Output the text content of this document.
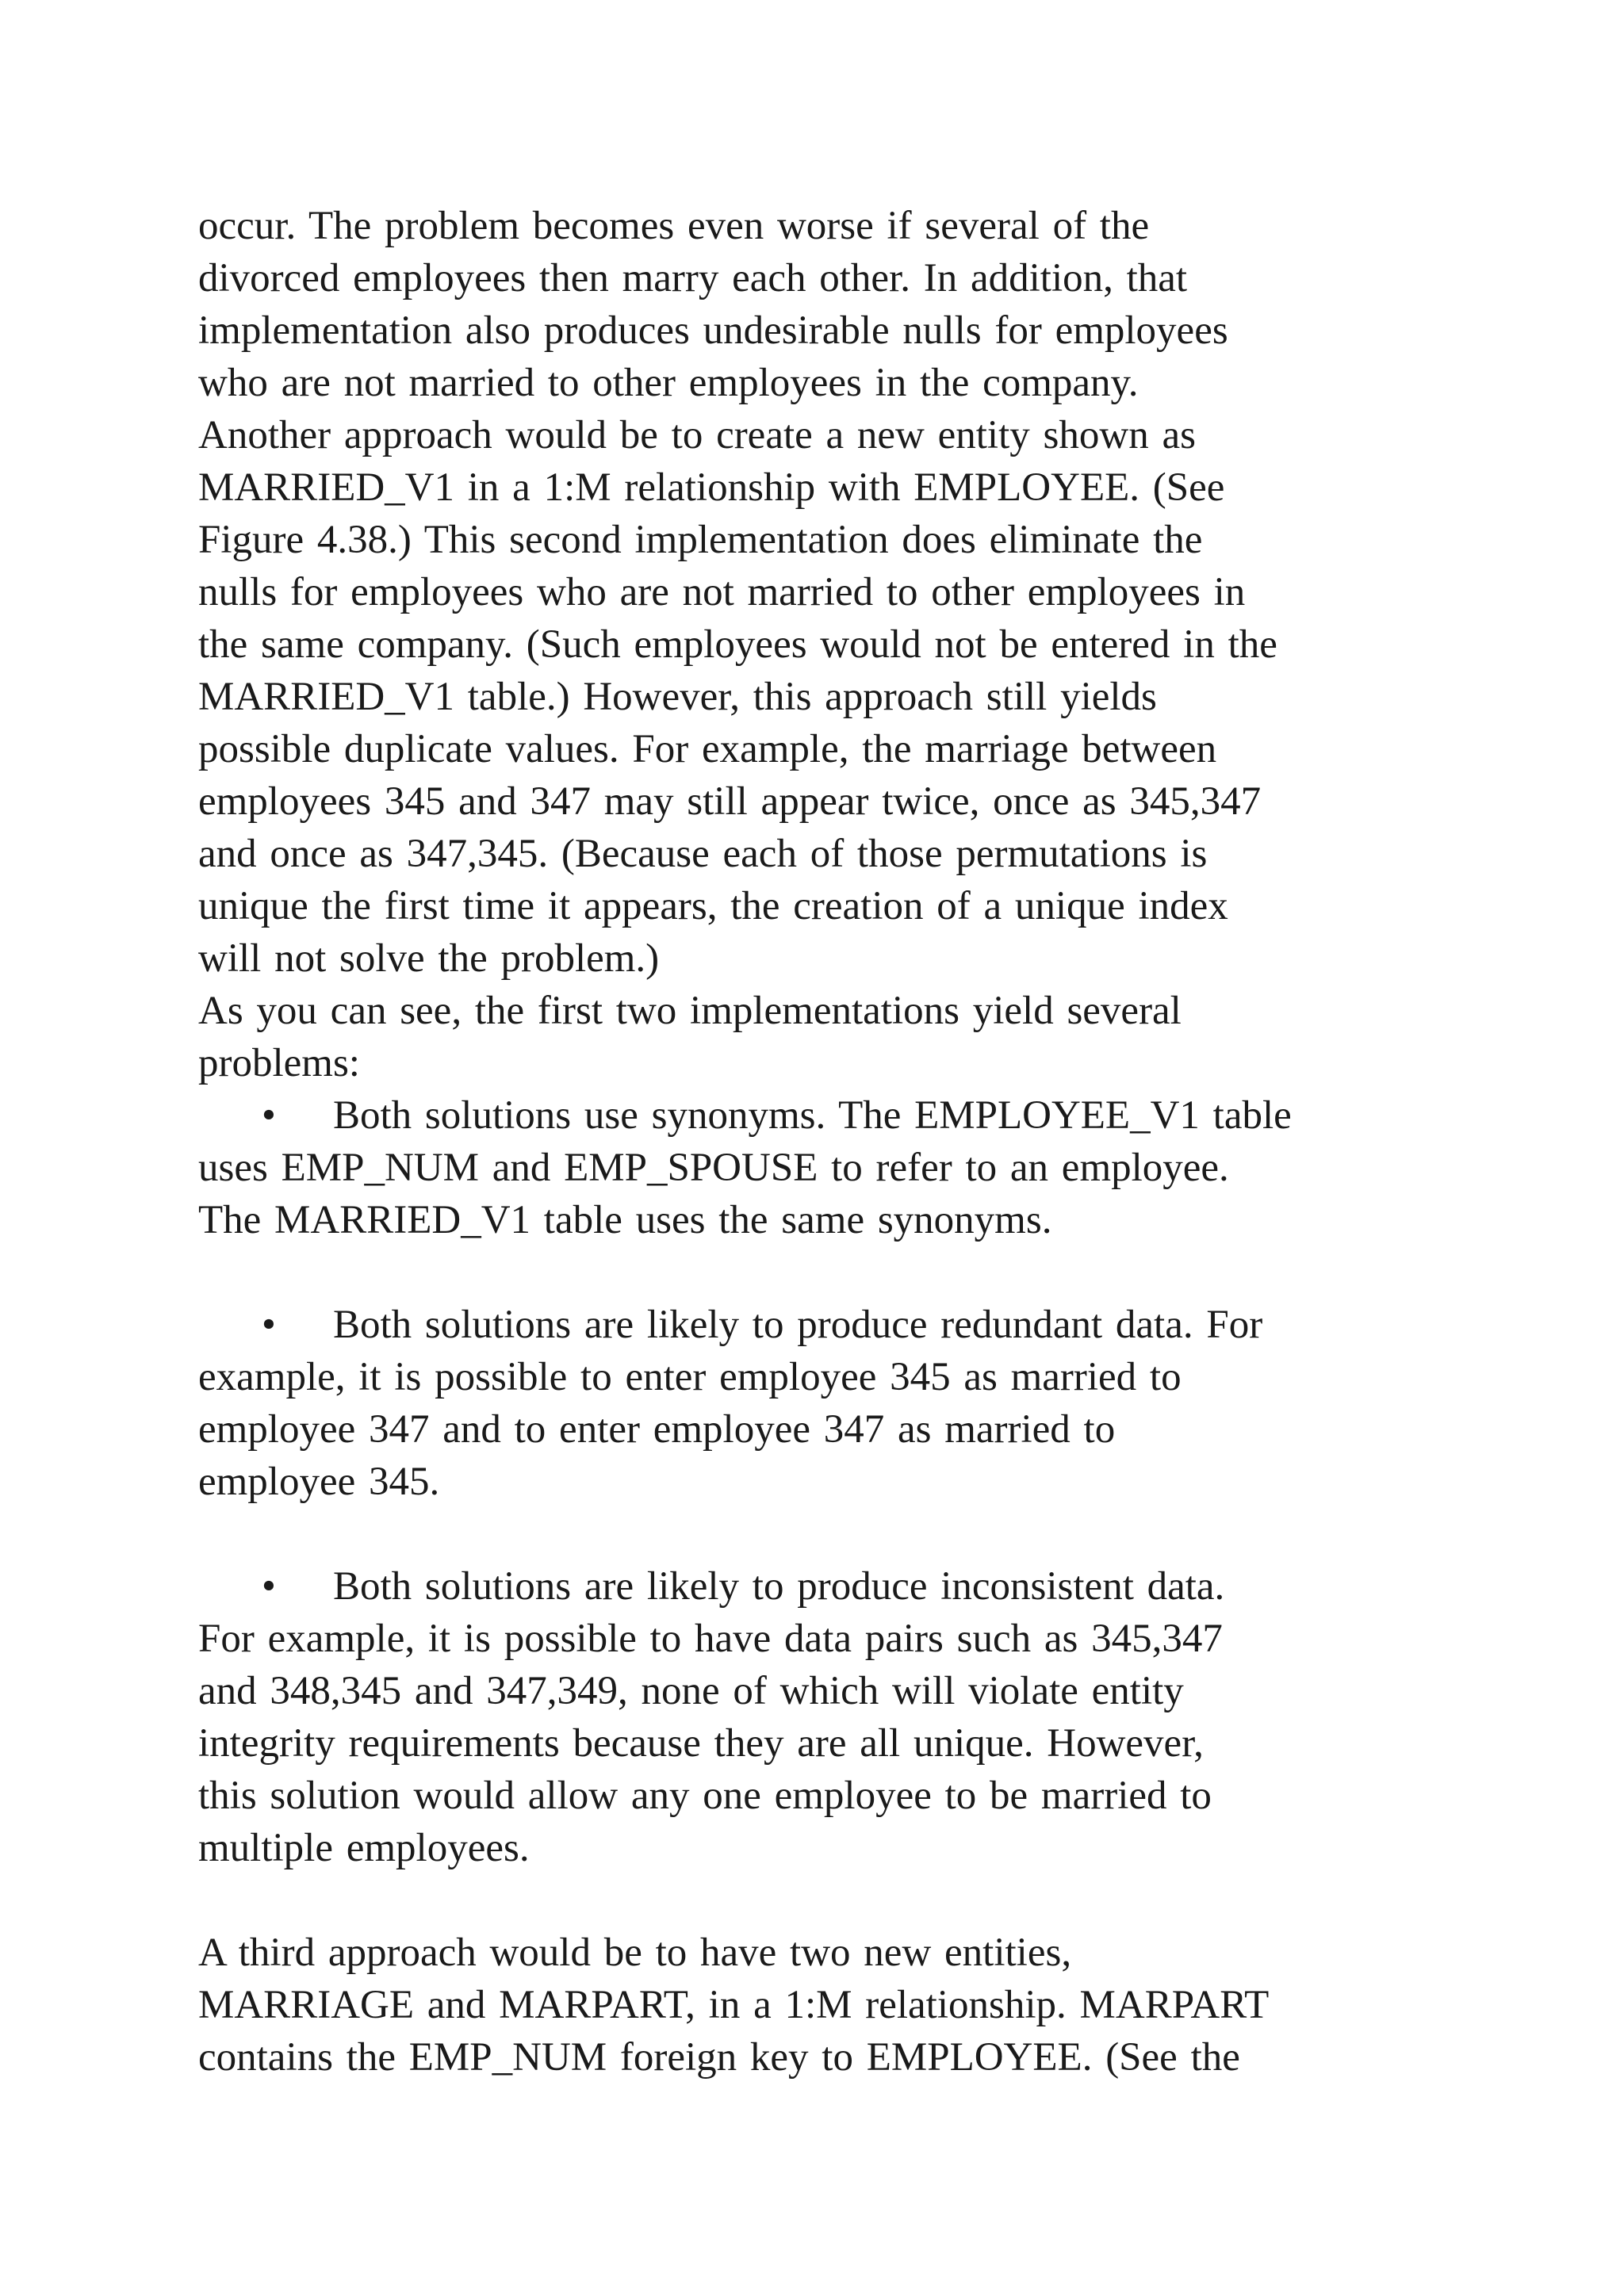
occur. The problem becomes even worse if several of the
divorced employees then marry each other. In addition, that
implementation also produces undesirable nulls for employees
who are not married to other employees in the company.
Another approach would be to create a new entity shown as
MARRIED_V1 in a 1:M relationship with EMPLOYEE. (See
Figure 4.38.) This second implementation does eliminate the
nulls for employees who are not married to other employees in
the same company. (Such employees would not be entered in the
MARRIED_V1 table.) However, this approach still yields
possible duplicate values. For example, the marriage between
employees 345 and 347 may still appear twice, once as 345,347
and once as 347,345. (Because each of those permutations is
unique the first time it appears, the creation of a unique index
will not solve the problem.)
As you can see, the first two implementations yield several
problems:
• Both solutions use synonyms. The EMPLOYEE_V1 table
uses EMP_NUM and EMP_SPOUSE to refer to an employee.
The MARRIED_V1 table uses the same synonyms.
• Both solutions are likely to produce redundant data. For
example, it is possible to enter employee 345 as married to
employee 347 and to enter employee 347 as married to
employee 345.
• Both solutions are likely to produce inconsistent data.
For example, it is possible to have data pairs such as 345,347
and 348,345 and 347,349, none of which will violate entity
integrity requirements because they are all unique. However,
this solution would allow any one employee to be married to
multiple employees.
A third approach would be to have two new entities,
MARRIAGE and MARPART, in a 1:M relationship. MARPART
contains the EMP_NUM foreign key to EMPLOYEE. (See the
